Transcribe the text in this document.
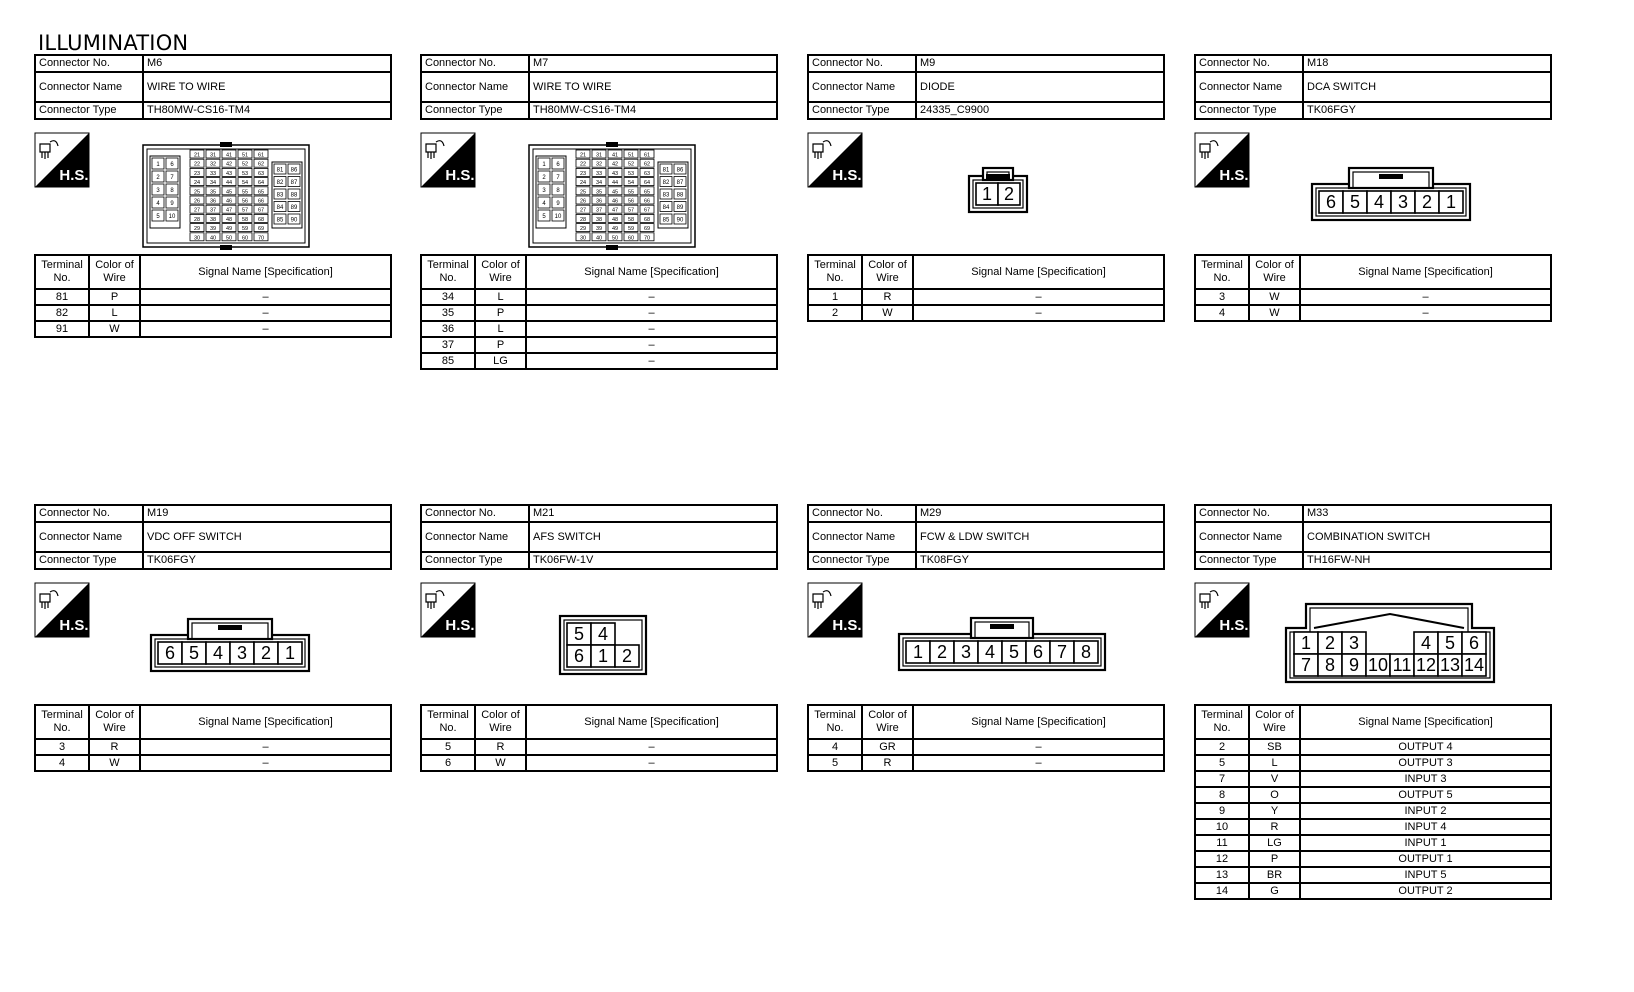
ILLUMINATION
Connector No.	M6
Connector Name	WIRE TO WIRE
Connector Type	TH80MW-CS16-TM4
H.S.
1 6
2 7
3 8
4 9
5 10
21
22
23
24
25
26
27
28
29
30
31
32
33
34
35
36
37
38
39
40
41
42
43
44
45
46
47
48
49
50
51
52
53
54
55
56
57
58
59
60
61
62
63
64
65
66
67
68
69
70
81 86
82 87
83 88
84 89
85 90
Terminal No.	Color of Wire	Signal Name [Specification]
81	P	–
82	L	–
91	W	–
Connector No.	M7
Connector Name	WIRE TO WIRE
Connector Type	TH80MW-CS16-TM4
H.S.
1 6
2 7
3 8
4 9
5 10
21
22
23
24
25
26
27
28
29
30
31
32
33
34
35
36
37
38
39
40
41
42
43
44
45
46
47
48
49
50
51
52
53
54
55
56
57
58
59
60
61
62
63
64
65
66
67
68
69
70
81 86
82 87
83 88
84 89
85 90
Terminal No.	Color of Wire	Signal Name [Specification]
34	L	–
35	P	–
36	L	–
37	P	–
85	LG	–
Connector No.	M9
Connector Name	DIODE
Connector Type	24335_C9900
H.S.
1 2
Terminal No.	Color of Wire	Signal Name [Specification]
1	R	–
2	W	–
Connector No.	M18
Connector Name	DCA SWITCH
Connector Type	TK06FGY
H.S.
6 5 4 3 2 1
Terminal No.	Color of Wire	Signal Name [Specification]
3	W	–
4	W	–
Connector No.	M19
Connector Name	VDC OFF SWITCH
Connector Type	TK06FGY
H.S.
6 5 4 3 2 1
Terminal No.	Color of Wire	Signal Name [Specification]
3	R	–
4	W	–
Connector No.	M21
Connector Name	AFS SWITCH
Connector Type	TK06FW-1V
H.S.	5 4
6 1 2
Terminal No.	Color of Wire	Signal Name [Specification]
5	R	–
6	W	–
Connector No.	M29
Connector Name	FCW & LDW SWITCH
Connector Type	TK08FGY
H.S.
1 2 3 4 5 6 7 8
Terminal No.	Color of Wire	Signal Name [Specification]
4	GR	–
5	R	–
Connector No.	M33
Connector Name	COMBINATION SWITCH
Connector Type	TH16FW-NH
H.S.
1 2 3	4 5 6
7 8 9 10 11 12 13 14
Terminal No.	Color of Wire	Signal Name [Specification]
2	SB	OUTPUT 4
5	L	OUTPUT 3
7	V	INPUT 3
8	O	OUTPUT 5
9	Y	INPUT 2
10	R	INPUT 4
11	LG	INPUT 1
12	P	OUTPUT 1
13	BR	INPUT 5
14	G	OUTPUT 2
